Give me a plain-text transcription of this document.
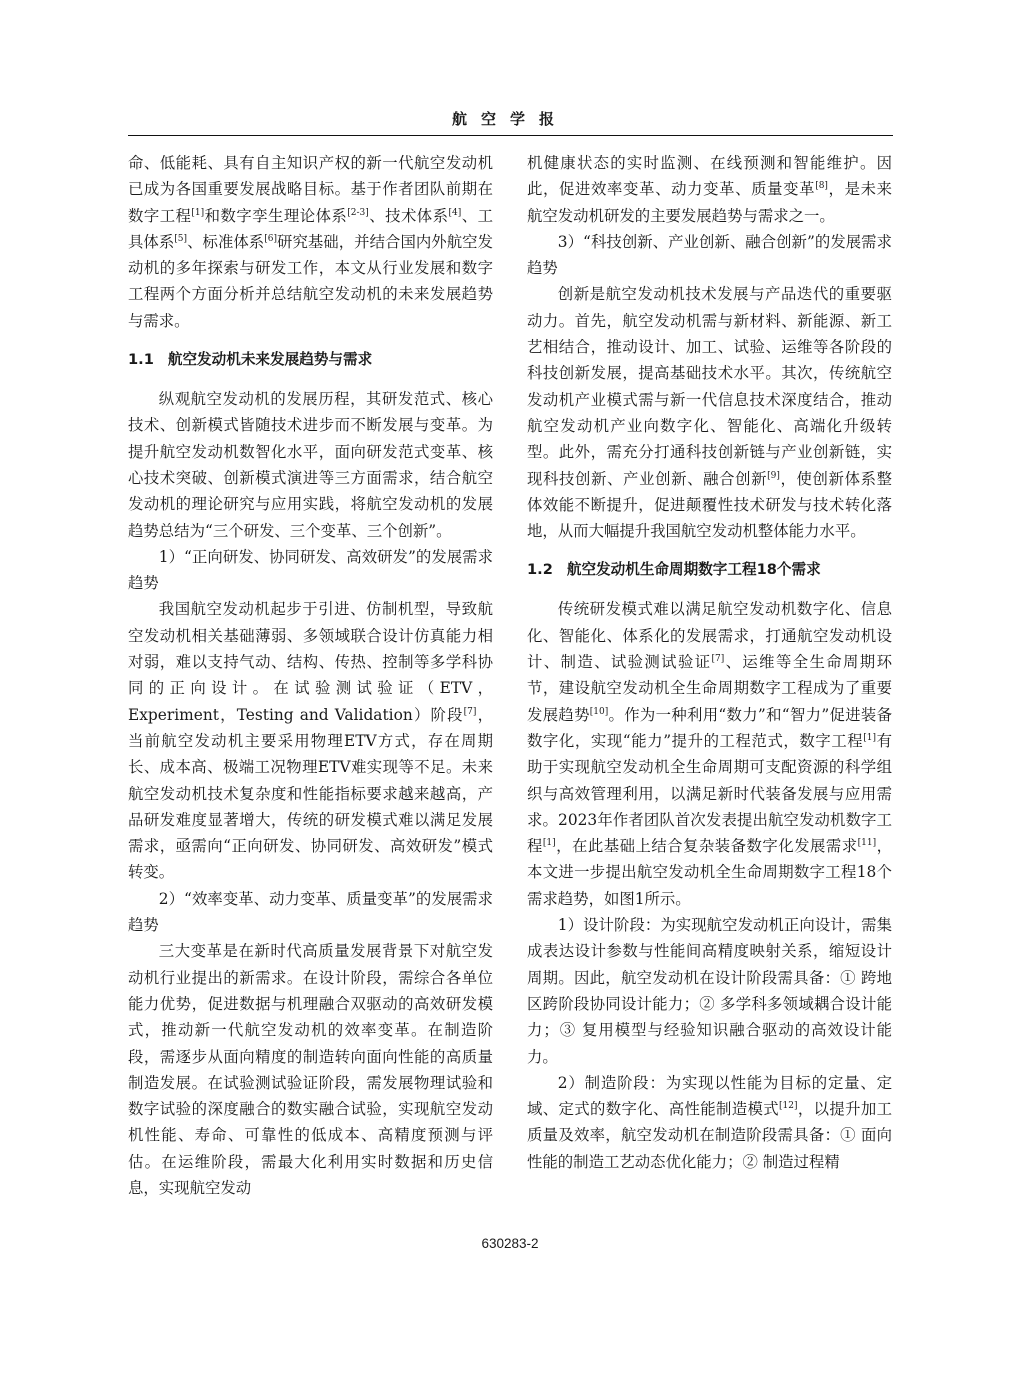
航空学报

命、低能耗、具有自主知识产权的新一代航空发动机已成为各国重要发展战略目标。基于作者团队前期在数字工程[1]和数字孪生理论体系[2-3]、技术体系[4]、工具体系[5]、标准体系[6]研究基础，并结合国内外航空发动机的多年探索与研发工作，本文从行业发展和数字工程两个方面分析并总结航空发动机的未来发展趋势与需求。

1.1 航空发动机未来发展趋势与需求

纵观航空发动机的发展历程，其研发范式、核心技术、创新模式皆随技术进步而不断发展与变革。为提升航空发动机数智化水平，面向研发范式变革、核心技术突破、创新模式演进等三方面需求，结合航空发动机的理论研究与应用实践，将航空发动机的发展趋势总结为“三个研发、三个变革、三个创新”。

1）“正向研发、协同研发、高效研发”的发展需求趋势

我国航空发动机起步于引进、仿制机型，导致航空发动机相关基础薄弱、多领域联合设计仿真能力相对弱，难以支持气动、结构、传热、控制等多学科协同的正向设计。在试验测试验证（ETV，Experiment，Testing and Validation）阶段[7]，当前航空发动机主要采用物理ETV方式，存在周期长、成本高、极端工况物理ETV难实现等不足。未来航空发动机技术复杂度和性能指标要求越来越高，产品研发难度显著增大，传统的研发模式难以满足发展需求，亟需向“正向研发、协同研发、高效研发”模式转变。

2）“效率变革、动力变革、质量变革”的发展需求趋势

三大变革是在新时代高质量发展背景下对航空发动机行业提出的新需求。在设计阶段，需综合各单位能力优势，促进数据与机理融合双驱动的高效研发模式，推动新一代航空发动机的效率变革。在制造阶段，需逐步从面向精度的制造转向面向性能的高质量制造发展。在试验测试验证阶段，需发展物理试验和数字试验的深度融合的数实融合试验，实现航空发动机性能、寿命、可靠性的低成本、高精度预测与评估。在运维阶段，需最大化利用实时数据和历史信息，实现航空发动

机健康状态的实时监测、在线预测和智能维护。因此，促进效率变革、动力变革、质量变革[8]，是未来航空发动机研发的主要发展趋势与需求之一。

3）“科技创新、产业创新、融合创新”的发展需求趋势

创新是航空发动机技术发展与产品迭代的重要驱动力。首先，航空发动机需与新材料、新能源、新工艺相结合，推动设计、加工、试验、运维等各阶段的科技创新发展，提高基础技术水平。其次，传统航空发动机产业模式需与新一代信息技术深度结合，推动航空发动机产业向数字化、智能化、高端化升级转型。此外，需充分打通科技创新链与产业创新链，实现科技创新、产业创新、融合创新[9]，使创新体系整体效能不断提升，促进颠覆性技术研发与技术转化落地，从而大幅提升我国航空发动机整体能力水平。

1.2 航空发动机生命周期数字工程18个需求

传统研发模式难以满足航空发动机数字化、信息化、智能化、体系化的发展需求，打通航空发动机设计、制造、试验测试验证[7]、运维等全生命周期环节，建设航空发动机全生命周期数字工程成为了重要发展趋势[10]。作为一种利用“数力”和“智力”促进装备数字化，实现“能力”提升的工程范式，数字工程[1]有助于实现航空发动机全生命周期可支配资源的科学组织与高效管理利用，以满足新时代装备发展与应用需求。2023年作者团队首次发表提出航空发动机数字工程[1]，在此基础上结合复杂装备数字化发展需求[11]，本文进一步提出航空发动机全生命周期数字工程18个需求趋势，如图1所示。

1）设计阶段：为实现航空发动机正向设计，需集成表达设计参数与性能间高精度映射关系，缩短设计周期。因此，航空发动机在设计阶段需具备：① 跨地区跨阶段协同设计能力；② 多学科多领域耦合设计能力；③ 复用模型与经验知识融合驱动的高效设计能力。

2）制造阶段：为实现以性能为目标的定量、定域、定式的数字化、高性能制造模式[12]，以提升加工质量及效率，航空发动机在制造阶段需具备：① 面向性能的制造工艺动态优化能力；② 制造过程精

630283-2
